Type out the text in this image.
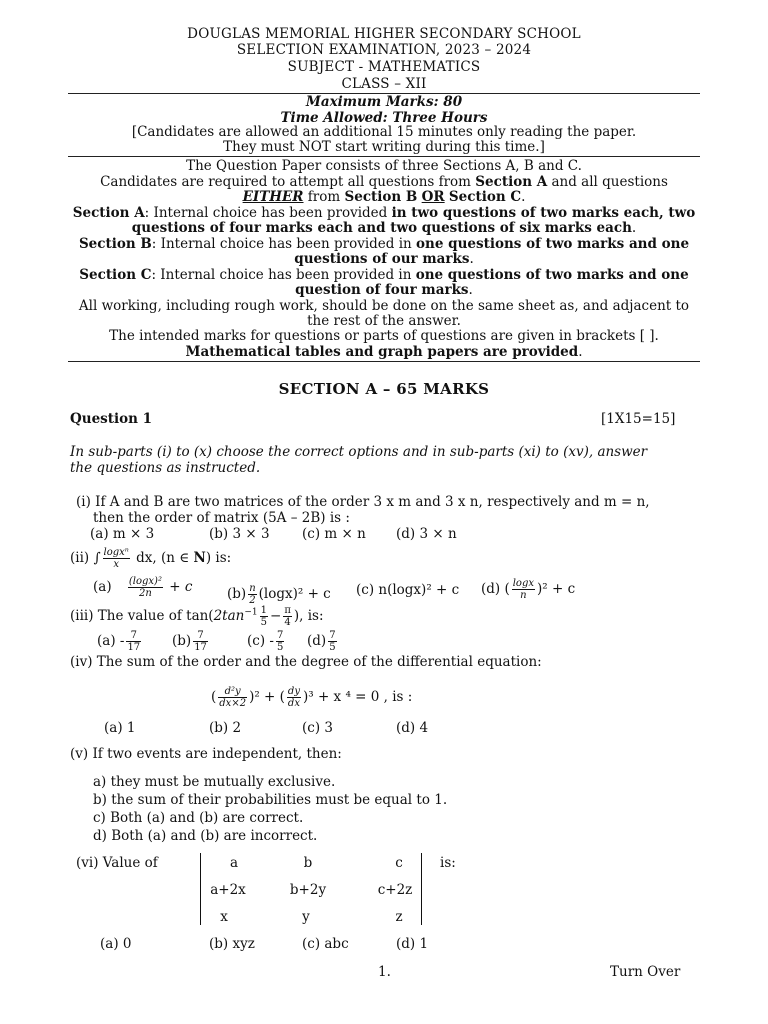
DOUGLAS MEMORIAL HIGHER SECONDARY SCHOOL
SELECTION EXAMINATION, 2023 – 2024
SUBJECT - MATHEMATICS
CLASS – XII
Maximum Marks: 80
Time Allowed: Three Hours
[Candidates are allowed an additional 15 minutes only reading the paper.
They must NOT start writing during this time.]
The Question Paper consists of three Sections A, B and C.
Candidates are required to attempt all questions from Section A and all questions
EITHER from Section B OR Section C.
Section A: Internal choice has been provided in two questions of two marks each, two
questions of four marks each and two questions of six marks each.
Section B: Internal choice has been provided in one questions of two marks and one
questions of our marks.
Section C: Internal choice has been provided in one questions of two marks and one
question of four marks.
All working, including rough work, should be done on the same sheet as, and adjacent to
the rest of the answer.
The intended marks for questions or parts of questions are given in brackets [ ].
Mathematical tables and graph papers are provided.
SECTION A – 65 MARKS
Question 1	[1X15=15]
In sub-parts (i) to (x) choose the correct options and in sub-parts (xi) to (xv), answer
the questions as instructed.
(i) If A and B are two matrices of the order 3 x m and 3 x n, respectively and m = n,
then the order of matrix (5A – 2B) is :
(a) m × 3	(b) 3 × 3 (c) m × n (d) 3 × n
(ii) ∫ $\frac{\text{logxⁿ}}{x}$ dx, (n ∈ N) is:
$(a) \frac{\text{(logx)²}}{2n} + c$	$(b) \frac{n}{2} (\log x)^2 + c$ (c) n(logx)² + c (d) ( $\frac{\log x}{n} )^2 + c$
(iii) The value of $\tan(2\tan^{-1} \frac{1}{5} - \frac{\pi}{4}$ ), is:
$(a) - \frac{7}{17} (b) \frac{7}{17}$	$(c) - \frac{7}{5} (d) \frac{7}{5}$
(iv) The sum of the order and the degree of the differential equation:
( $\frac{\text{d²y}}{dx\times 2} )^2$ + ( $\frac{dy}{dx} )^3 + x$ ⁴ = 0 , is :
(a) 1	(b) 2	(c) 3	(d) 4
(v) If two events are independent, then:
a) they must be mutually exclusive.
b) the sum of their probabilities must be equal to 1.
c) Both (a) and (b) are correct.
d) Both (a) and (b) are incorrect.
(vi) Value of	a	b	c
a+2x	b+2y	c+2z
x	y	z
is:
(a) 0	(b) xyz	(c) abc	(d) 1
1.	Turn Over
